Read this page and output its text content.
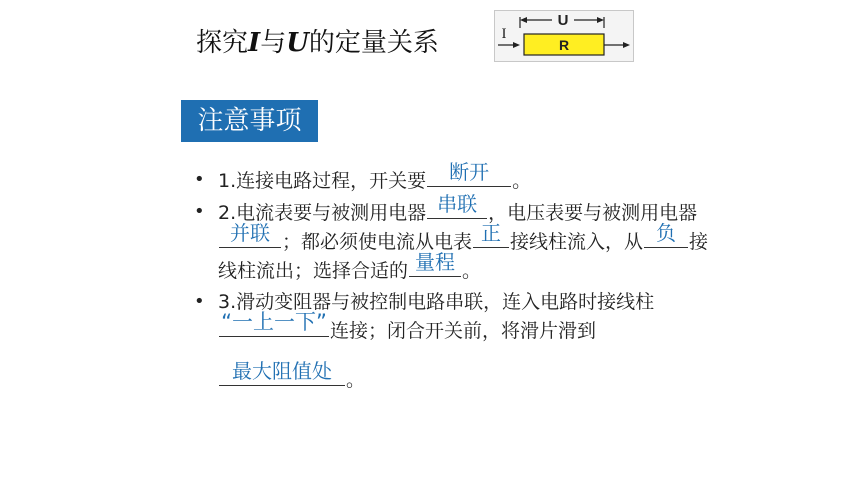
探究I与U的定量关系
U
I
R
注意事项
• 1.连接电路过程，开关要	断开	。
• 2.电流表要与被测用电器 串联 ，电压表要与被测用电器
并联 ；都必须使电流从电表 正 接线柱流入，从 负 接线柱流出；选择合适的 量程 。
• 3.滑动变阻器与被控制电路串联，连入电路时接线柱
“一上一下” 连接；闭合开关前，将滑片滑到
最大阻值处 。
